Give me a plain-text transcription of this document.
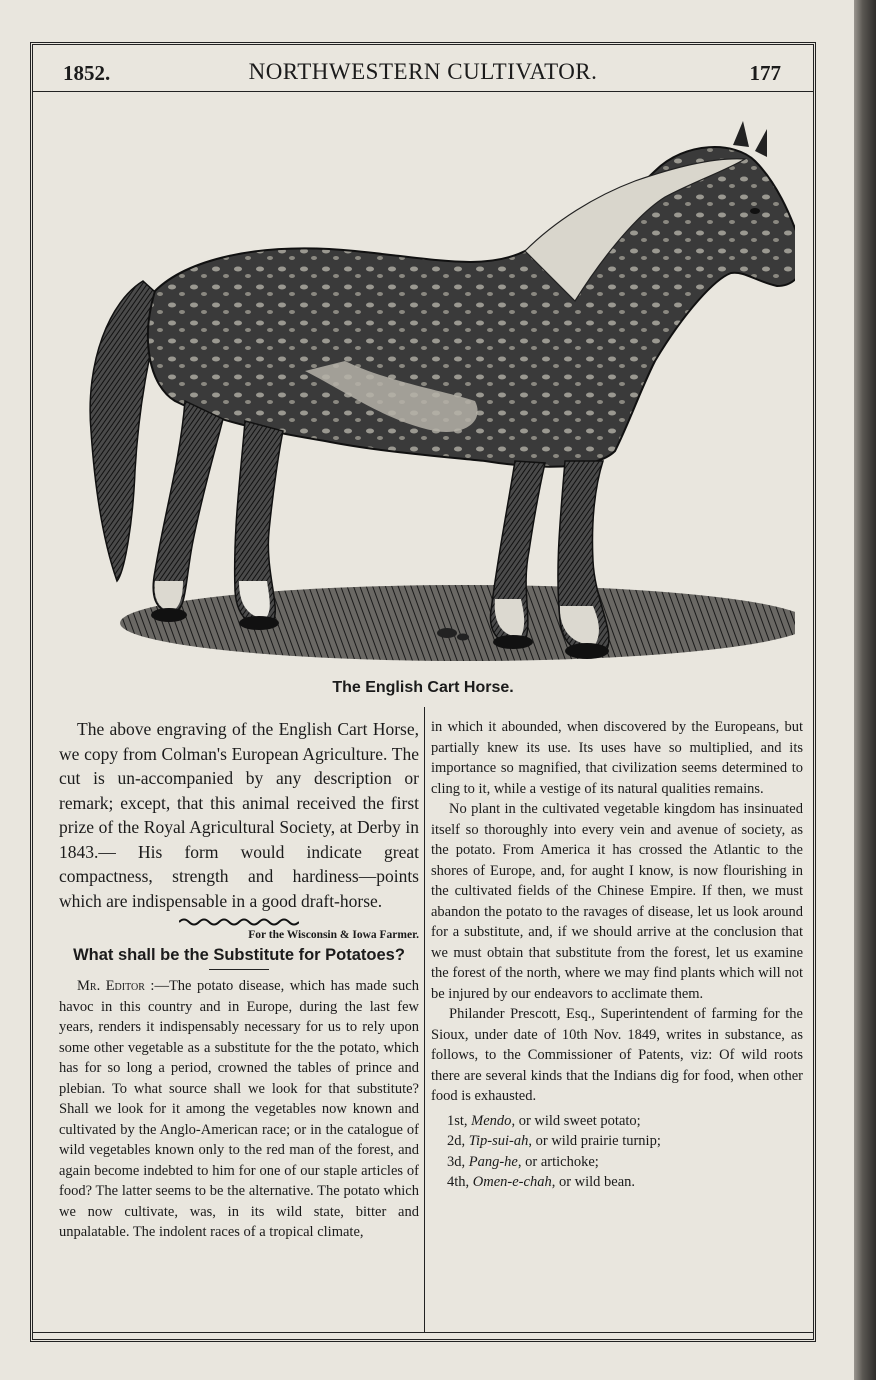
1852.	NORTHWESTERN CULTIVATOR.	177
The English Cart Horse.

The above engraving of the English Cart Horse, we copy from Colman's European Agriculture. The cut is un-accompanied by any description or remark; except, that this animal received the first prize of the Royal Agricultural Society, at Derby in 1843.— His form would indicate great compactness, strength and hardiness—points which are indispensable in a good draft-horse.

For the Wisconsin & Iowa Farmer.
What shall be the Substitute for Potatoes?

Mr. Editor :—The potato disease, which has made such havoc in this country and in Europe, during the last few years, renders it indispensably necessary for us to rely upon some other vegetable as a substitute for the the potato, which has for so long a period, crowned the tables of prince and plebian. To what source shall we look for that substitute? Shall we look for it among the vegetables now known and cultivated by the Anglo-American race; or in the catalogue of wild vegetables known only to the red man of the forest, and again become indebted to him for one of our staple articles of food? The latter seems to be the alternative. The potato which we now cultivate, was, in its wild state, bitter and unpalatable. The indolent races of a tropical climate,

in which it abounded, when discovered by the Europeans, but partially knew its use. Its uses have so multiplied, and its importance so magnified, that civilization seems determined to cling to it, while a vestige of its natural qualities remains.

No plant in the cultivated vegetable kingdom has insinuated itself so thoroughly into every vein and avenue of society, as the potato. From America it has crossed the Atlantic to the shores of Europe, and, for aught I know, is now flourishing in the cultivated fields of the Chinese Empire. If then, we must abandon the potato to the ravages of disease, let us look around for a substitute, and, if we should arrive at the conclusion that we must obtain that substitute from the forest, let us examine the forest of the north, where we may find plants which will not be injured by our endeavors to acclimate them.

Philander Prescott, Esq., Superintendent of farming for the Sioux, under date of 10th Nov. 1849, writes in substance, as follows, to the Commissioner of Patents, viz: Of wild roots there are several kinds that the Indians dig for food, when other food is exhausted.

1st, Mendo, or wild sweet potato;
2d, Tip-sui-ah, or wild prairie turnip;
3d, Pang-he, or artichoke;
4th, Omen-e-chah, or wild bean.
